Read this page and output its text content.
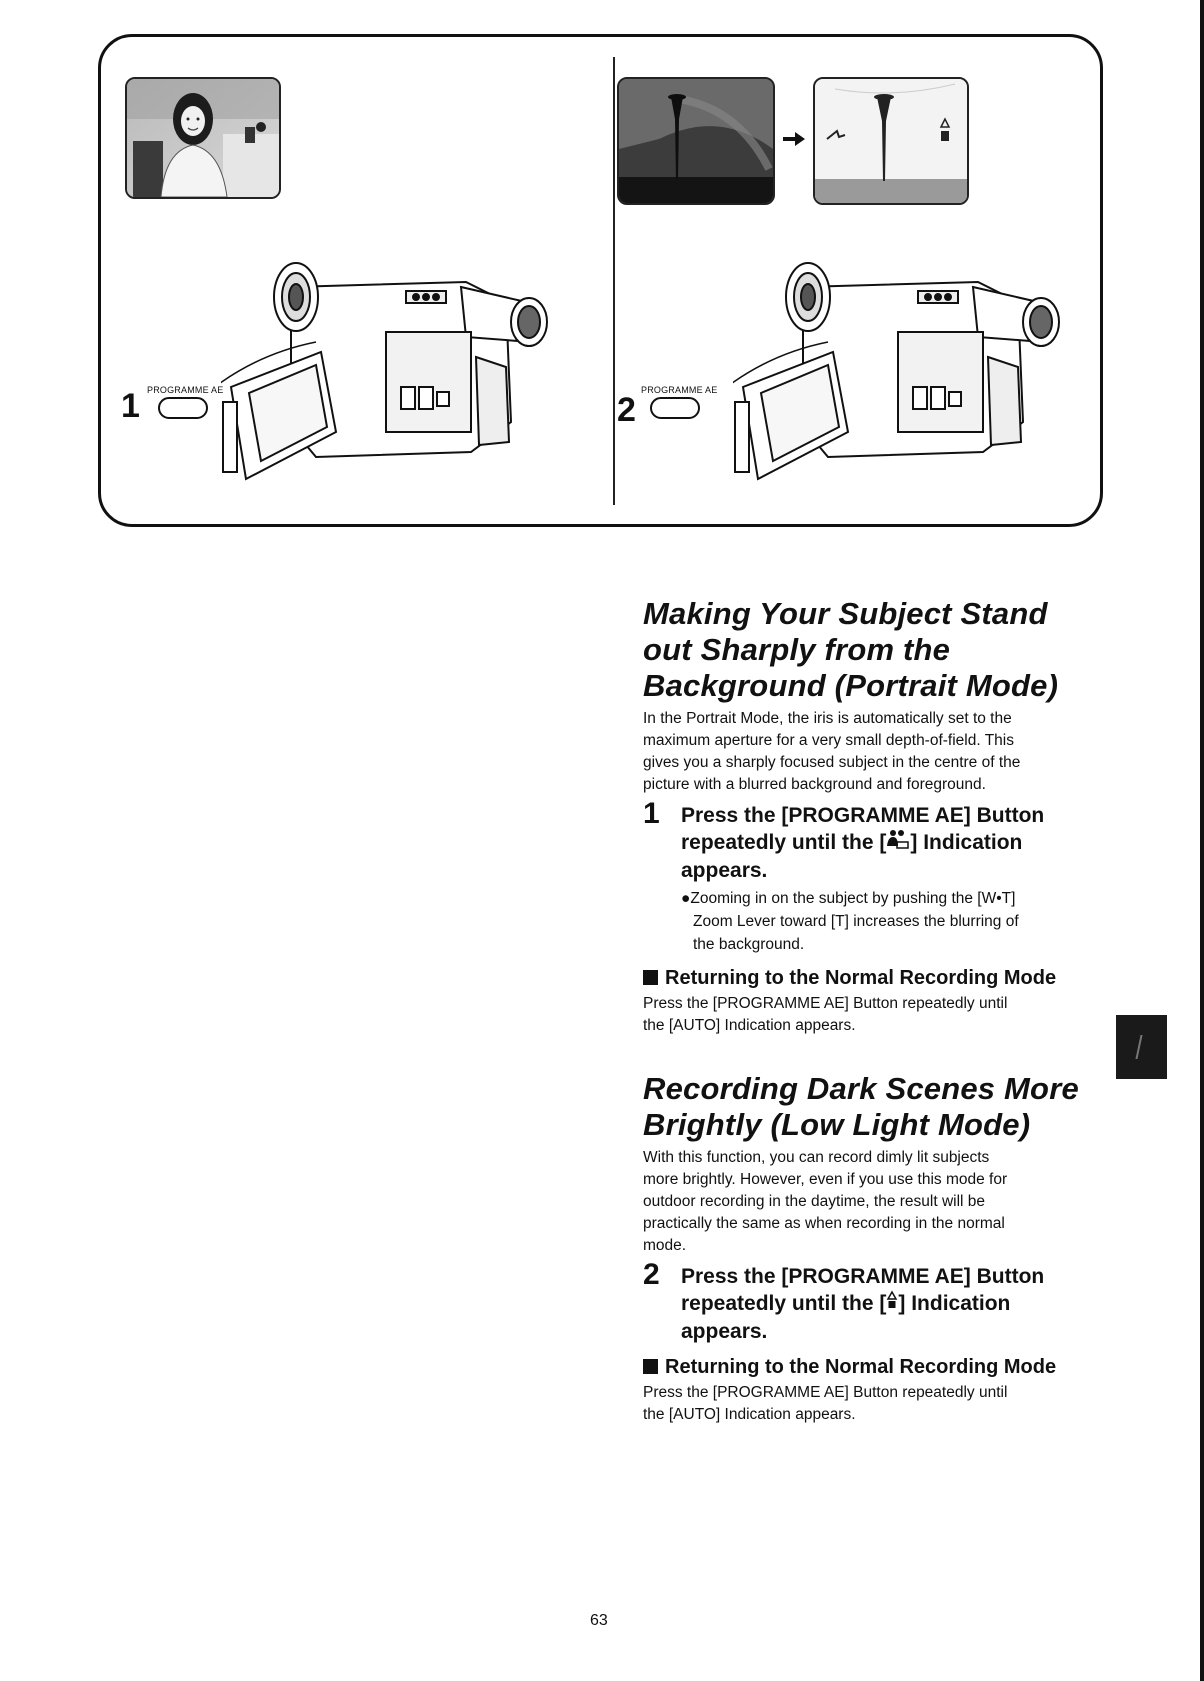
1 PROGRAMME AE
2
PROGRAMME AE
Making Your Subject Stand
out Sharply from the
Background (Portrait Mode)

In the Portrait Mode, the iris is automatically set to the
maximum aperture for a very small depth-of-field. This
gives you a sharply focused subject in the centre of the
picture with a blurred background and foreground.

1 Press the [PROGRAMME AE] Button
repeatedly until the [ ] Indication
appears.
●Zooming in on the subject by pushing the [W•T]
Zoom Lever toward [T] increases the blurring of
the background.
Returning to the Normal Recording Mode

Press the [PROGRAMME AE] Button repeatedly until
the [AUTO] Indication appears.

Recording Dark Scenes More
Brightly (Low Light Mode)

With this function, you can record dimly lit subjects
more brightly. However, even if you use this mode for
outdoor recording in the daytime, the result will be
practically the same as when recording in the normal
mode.

2 Press the [PROGRAMME AE] Button
repeatedly until the [ ] Indication
appears.
Returning to the Normal Recording Mode

Press the [PROGRAMME AE] Button repeatedly until
the [AUTO] Indication appears.

63
